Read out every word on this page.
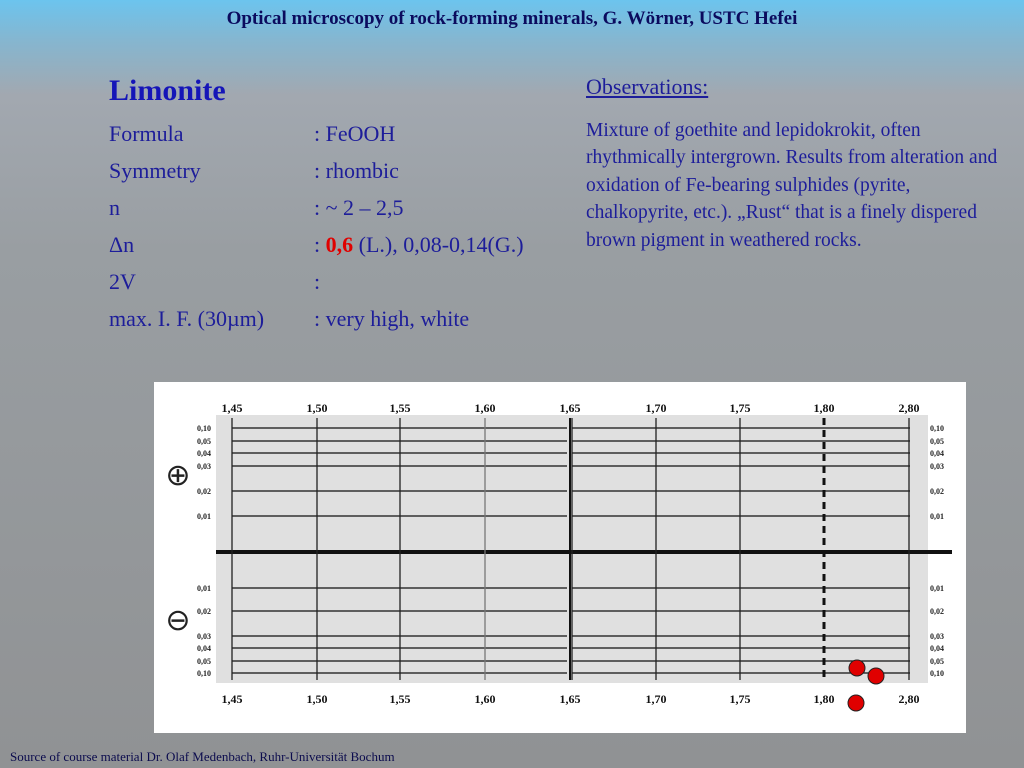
Optical microscopy of rock-forming minerals, G. Wörner, USTC Hefei
Limonite
Formula	: FeOOH
Symmetry	: rhombic
n	: ~ 2 – 2,5
Δn	: 0,6 (L.), 0,08-0,14(G.)
2V	:
max. I. F. (30µm) : very high, white
Observations:
Mixture of goethite and lepidokrokit, often rhythmically intergrown. Results from alteration and oxidation of Fe-bearing sulphides (pyrite, chalkopyrite, etc.). „Rust“ that is a finely dispered brown pigment in weathered rocks.
1,45
1,45
1,50
1,50
1,55
1,55
1,60
1,60
1,65
1,65
1,70
1,70
1,75
1,75
1,80
1,80
2,80
2,80
0,10	0,10
0,05	0,05
0,04	0,04
0,03	0,03
0,02	0,02
0,01	0,01
0,01	0,01
0,02	0,02
0,03	0,03
0,04	0,04
0,05	0,05
0,10	0,10
⊕
⊖
Source of course material Dr. Olaf Medenbach, Ruhr-Universität Bochum
